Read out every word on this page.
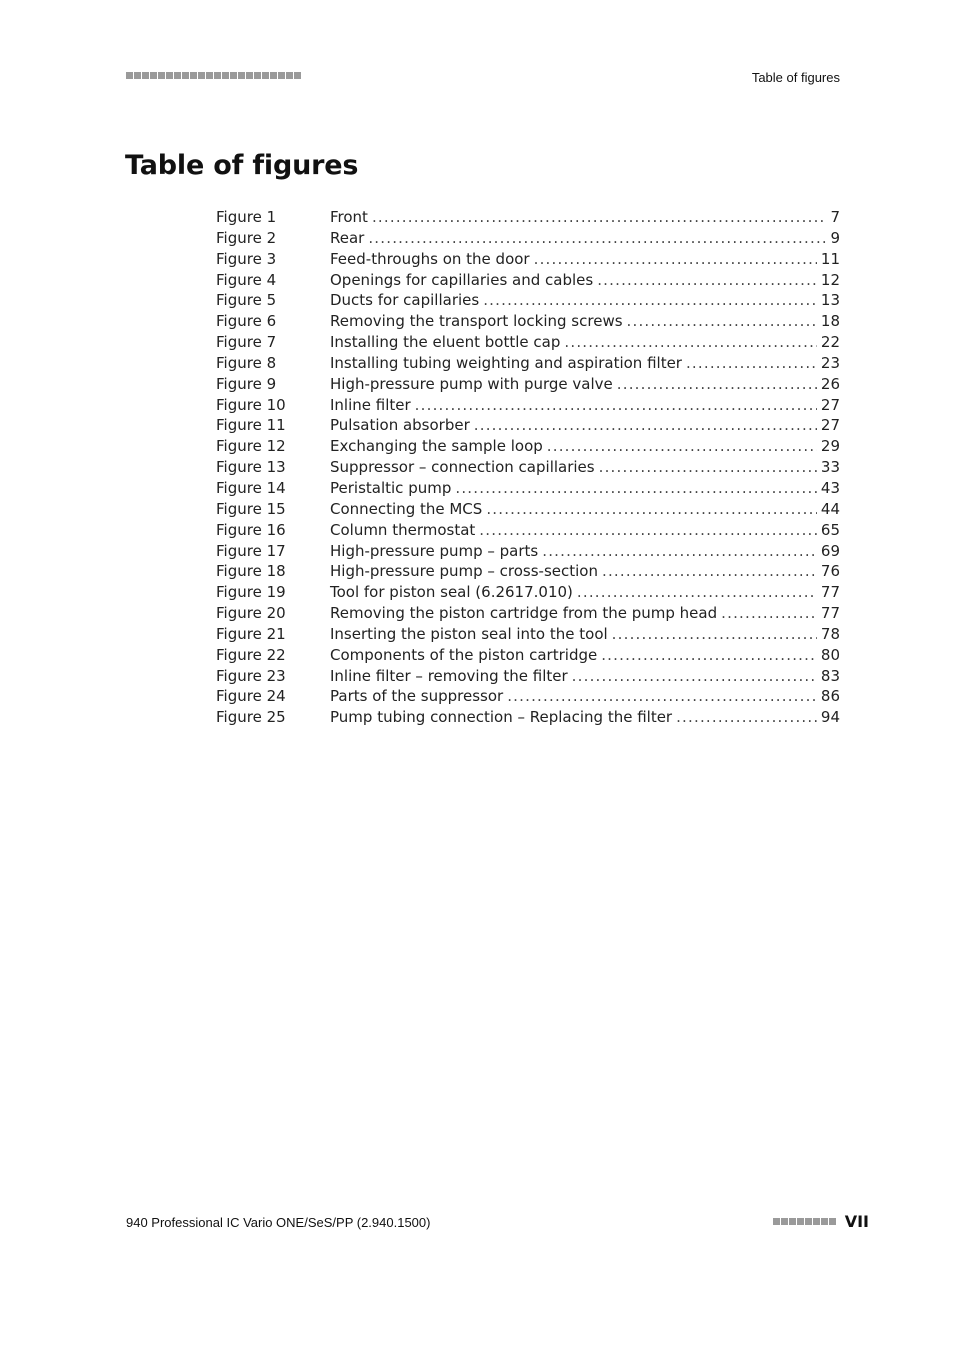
Table of figures
Table of figures
Figure 1	Front .....	7
Figure 2	Rear .....	9
Figure 3	Feed-throughs on the door .....	11
Figure 4	Openings for capillaries and cables .....	12
Figure 5	Ducts for capillaries .....	13
Figure 6	Removing the transport locking screws .....	18
Figure 7	Installing the eluent bottle cap .....	22
Figure 8	Installing tubing weighting and aspiration filter .....	23
Figure 9	High-pressure pump with purge valve .....	26
Figure 10	Inline filter .....	27
Figure 11	Pulsation absorber .....	27
Figure 12	Exchanging the sample loop .....	29
Figure 13	Suppressor – connection capillaries .....	33
Figure 14	Peristaltic pump .....	43
Figure 15	Connecting the MCS .....	44
Figure 16	Column thermostat .....	65
Figure 17	High-pressure pump – parts .....	69
Figure 18	High-pressure pump – cross-section .....	76
Figure 19	Tool for piston seal (6.2617.010) .....	77
Figure 20	Removing the piston cartridge from the pump head .....	77
Figure 21	Inserting the piston seal into the tool .....	78
Figure 22	Components of the piston cartridge .....	80
Figure 23	Inline filter – removing the filter .....	83
Figure 24	Parts of the suppressor .....	86
Figure 25	Pump tubing connection – Replacing the filter .....	94
940 Professional IC Vario ONE/SeS/PP (2.940.1500)	VII
